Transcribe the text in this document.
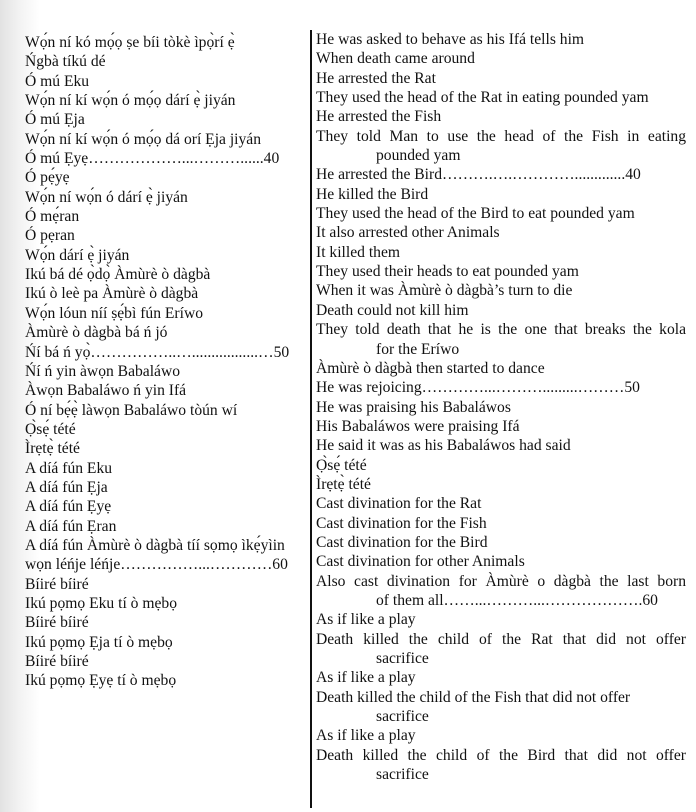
Wọ́n ní kó mọ́ọ ṣe bíi tòkè ìpọ̀rí ẹ̀
Ńgbà tíkú dé
Ó mú Eku
Wọ́n ní kí wọ́n ó mọ́ọ dárí ẹ̀ jiyán
Ó mú Ẹja
Wọ́n ní kí wọ́n ó mọ́ọ dá orí Ẹja jiyán
Ó mú Ẹyẹ………………...………......40
Ó pẹ́yẹ
Wọ́n ní wọ́n ó dárí ẹ̀ jiyán
Ó mẹ́ran
Ó pẹran
Wọ́n dárí ẹ̀ jiyán
Ikú bá dé ọ̀dọ̀ Àmùrè ò dàgbà
Ikú ò leè pa Àmùrè ò dàgbà
Wọ́n lóun níí ṣẹ́bì fún Eríwo
Àmùrè ò dàgbà bá ń jó
Ńí bá ń yọ̀……………..….................…50
Ńí ń yin àwọn Babaláwo
Àwọn Babaláwo ń yin Ifá
Ó ní bẹ́ẹ̀ làwọn Babaláwo tòún wí
Ọ̀sẹ́ tété
Ìrẹtẹ̀ tété
A díá fún Eku
A díá fún Ẹja
A díá fún Ẹyẹ
A díá fún Ẹran
A díá fún Àmùrè ò dàgbà tíí sọmọ ìkẹ́yìin
wọn léńje léńje……………...…………60
Bíiré bíiré
Ikú pọmọ Eku tí ò mẹbọ
Bíiré bíiré
Ikú pọmọ Ẹja tí ò mẹbọ
Bíiré bíiré
Ikú pọmọ Ẹyẹ tí ò mẹbọ
He was asked to behave as his Ifá tells him
When death came around
He arrested the Rat
They used the head of the Rat in eating pounded yam
He arrested the Fish
They told Man to use the head of the Fish in eating
pounded yam
He arrested the Bird……….….………….............40
He killed the Bird
They used the head of the Bird to eat pounded yam
It also arrested other Animals
It killed them
They used their heads to eat pounded yam
When it was Àmùrè ò dàgbà’s turn to die
Death could not kill him
They told death that he is the one that breaks the kola
for the Eríwo
Àmùrè ò dàgbà then started to dance
He was rejoicing…………...……….........………50
He was praising his Babaláwos
His Babaláwos were praising Ifá
He said it was as his Babaláwos had said
Ọ̀sẹ́ tété
Ìrẹtẹ̀ tété
Cast divination for the Rat
Cast divination for the Fish
Cast divination for the Bird
Cast divination for other Animals
Also cast divination for Àmùrè o dàgbà the last born
of them all……...………...……………….60
As if like a play
Death killed the child of the Rat that did not offer
sacrifice
As if like a play
Death killed the child of the Fish that did not offer
sacrifice
As if like a play
Death killed the child of the Bird that did not offer
sacrifice
